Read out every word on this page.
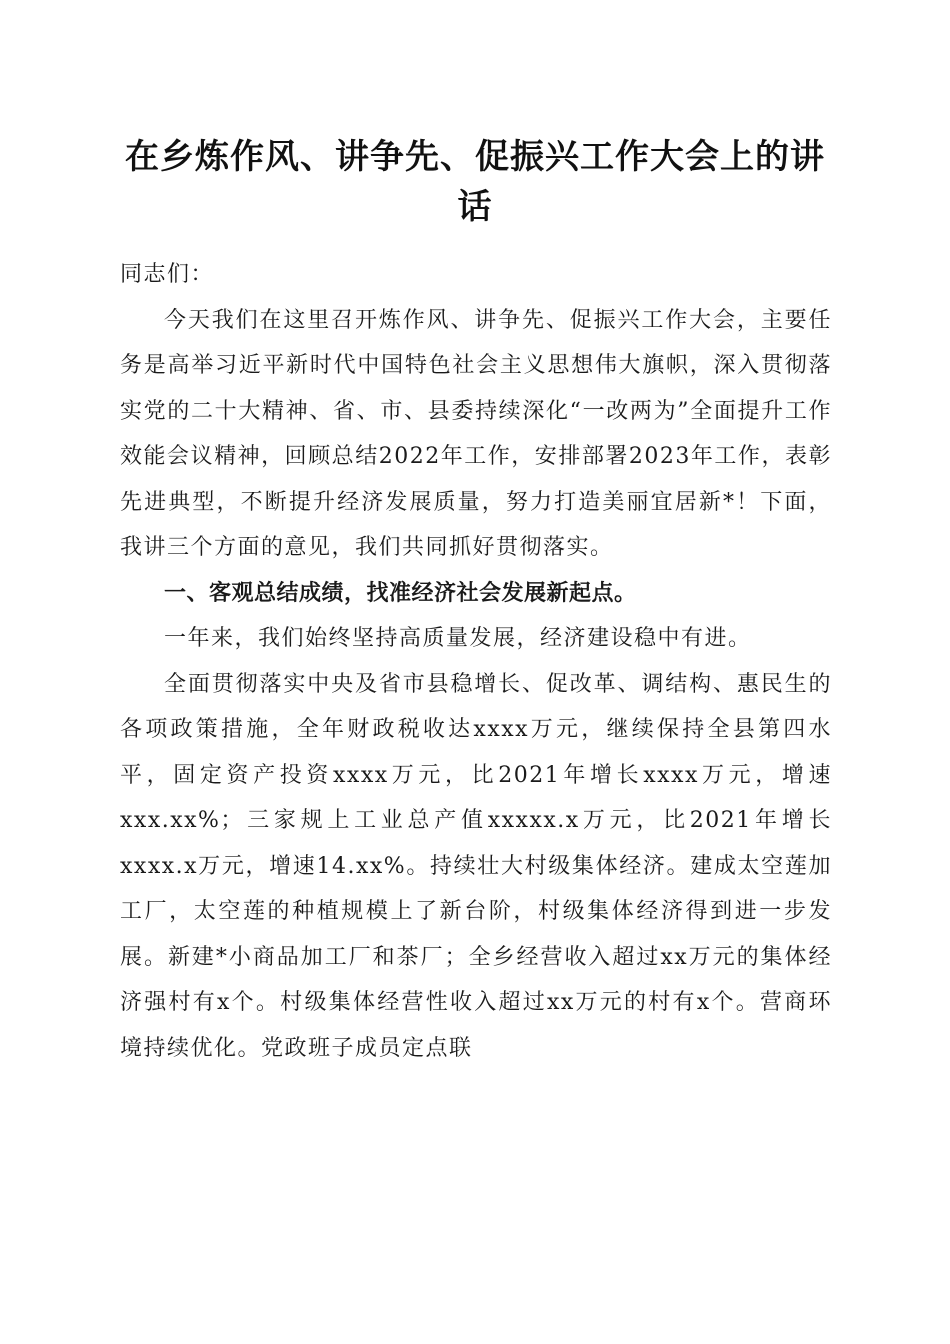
在乡炼作风、讲争先、促振兴工作大会上的讲话

同志们：

今天我们在这里召开炼作风、讲争先、促振兴工作大会，主要任务是高举习近平新时代中国特色社会主义思想伟大旗帜，深入贯彻落实党的二十大精神、省、市、县委持续深化“一改两为”全面提升工作效能会议精神，回顾总结2022年工作，安排部署2023年工作，表彰先进典型，不断提升经济发展质量，努力打造美丽宜居新*！下面，我讲三个方面的意见，我们共同抓好贯彻落实。

一、客观总结成绩，找准经济社会发展新起点。

一年来，我们始终坚持高质量发展，经济建设稳中有进。

全面贯彻落实中央及省市县稳增长、促改革、调结构、惠民生的各项政策措施，全年财政税收达xxxx万元，继续保持全县第四水平，固定资产投资xxxx万元，比2021年增长xxxx万元，增速xxx.xx%；三家规上工业总产值xxxxx.x万元，比2021年增长xxxx.x万元，增速14.xx%。持续壮大村级集体经济。建成太空莲加工厂，太空莲的种植规模上了新台阶，村级集体经济得到进一步发展。新建*小商品加工厂和茶厂；全乡经营收入超过xx万元的集体经济强村有x个。村级集体经营性收入超过xx万元的村有x个。营商环境持续优化。党政班子成员定点联
